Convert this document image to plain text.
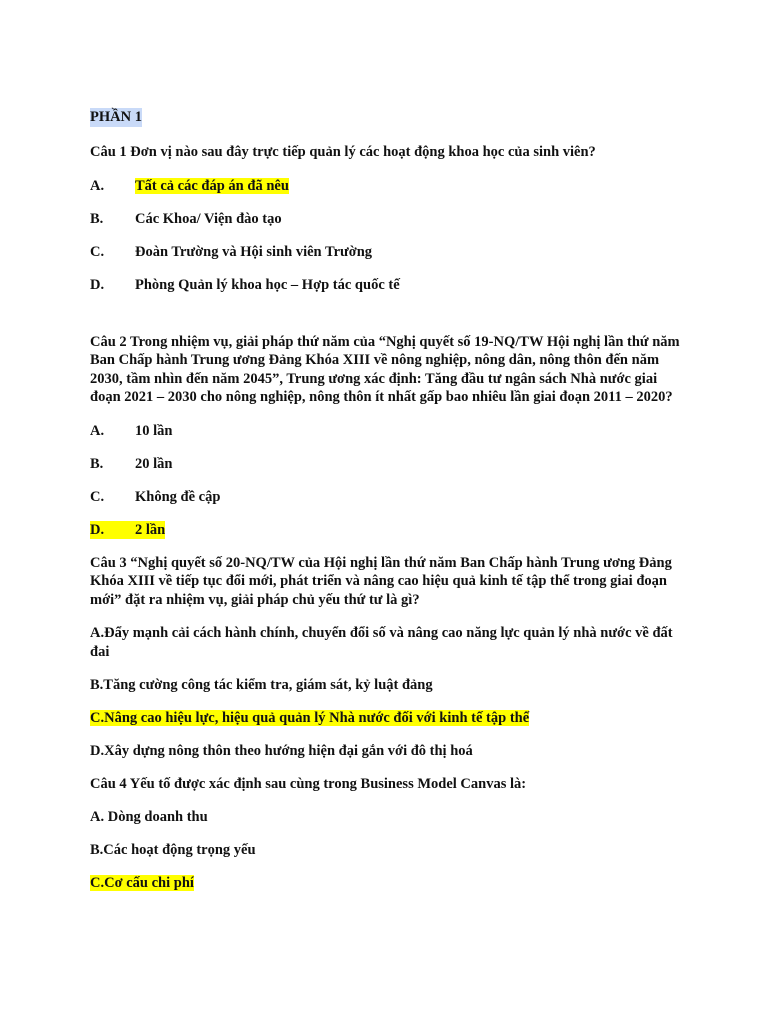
PHẦN 1
Câu 1 Đơn vị nào sau đây trực tiếp quản lý các hoạt động khoa học của sinh viên?
A.	Tất cả các đáp án đã nêu
B.	Các Khoa/ Viện đào tạo
C.	Đoàn Trường và Hội sinh viên Trường
D.	Phòng Quản lý khoa học – Hợp tác quốc tế
Câu 2 Trong nhiệm vụ, giải pháp thứ năm của “Nghị quyết số 19-NQ/TW Hội nghị lần thứ năm Ban Chấp hành Trung ương Đảng Khóa XIII về nông nghiệp, nông dân, nông thôn đến năm 2030, tầm nhìn đến năm 2045”, Trung ương xác định: Tăng đầu tư ngân sách Nhà nước giai đoạn 2021 – 2030 cho nông nghiệp, nông thôn ít nhất gấp bao nhiêu lần giai đoạn 2011 – 2020?
A.	10 lần
B.	20 lần
C.	Không đề cập
D.	2 lần
Câu 3 “Nghị quyết số 20-NQ/TW của Hội nghị lần thứ năm Ban Chấp hành Trung ương Đảng Khóa XIII về tiếp tục đổi mới, phát triển và nâng cao hiệu quả kinh tế tập thể trong giai đoạn mới” đặt ra nhiệm vụ, giải pháp chủ yếu thứ tư là gì?
A.Đẩy mạnh cải cách hành chính, chuyển đổi số và nâng cao năng lực quản lý nhà nước về đất đai
B.Tăng cường công tác kiểm tra, giám sát, kỷ luật đảng
C.Nâng cao hiệu lực, hiệu quả quản lý Nhà nước đối với kinh tế tập thể
D.Xây dựng nông thôn theo hướng hiện đại gắn với đô thị hoá
Câu 4 Yếu tố được xác định sau cùng trong Business Model Canvas là:
A. Dòng doanh thu
B.Các hoạt động trọng yếu
C.Cơ cấu chi phí
